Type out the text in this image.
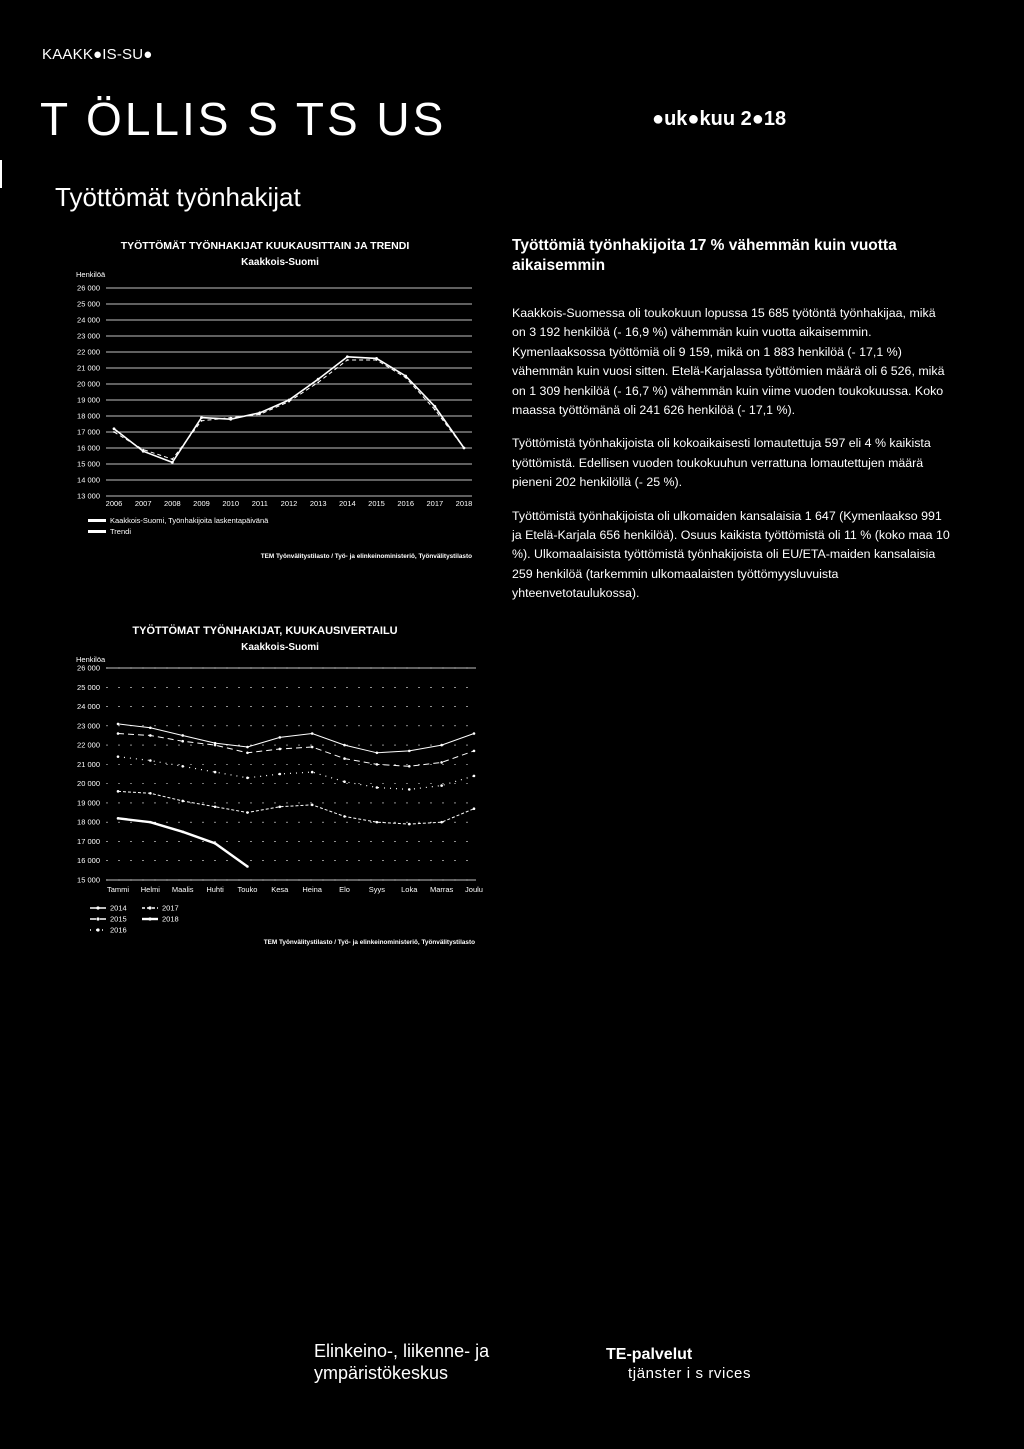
KAAKK●IS-SU●
T ÖLLIS S TS US	●uk●kuu 2●18
Työttömät työnhakijat
TYÖTTÖMÄT TYÖNHAKIJAT KUUKAUSITTAIN JA TRENDI
Kaakkois-Suomi
Henkilöä
26 000
25 000
24 000
23 000
22 000
21 000
20 000
19 000
18 000
17 000
16 000
15 000
14 000
13 000
2006 2007 2008 2009 2010 2011 2012 2013 2014 2015 2016 2017 2018
Kaakkois-Suomi, Työnhakijoita laskentapäivänä
Trendi
TEM Työnvälitystilasto / Työ- ja elinkeinoministeriö, Työnvälitystilasto
TYÖTTÖMAT TYÖNHAKIJAT, KUUKAUSIVERTAILU
Kaakkois-Suomi
Henkilöa
26 000
25 000
24 000
23 000
22 000
21 000
20 000
19 000
18 000
17 000
16 000
15 000
Tammi Helmi Maalis Huhti Touko Kesa Heina Elo	Syys Loka Marras Joulu
2014	2017
2015	2018
2016
TEM Työnvälitystilasto / Työ- ja elinkeinoministeriö, Työnvälitystilasto
Työttömiä työnhakijoita 17 % vähemmän kuin vuotta aikaisemmin

Kaakkois-Suomessa oli toukokuun lopussa 15 685 työtöntä työnhakijaa, mikä on 3 192 henkilöä (- 16,9 %) vähemmän kuin vuotta aikaisemmin. Kymenlaaksossa työttömiä oli 9 159, mikä on 1 883 henkilöä (- 17,1 %) vähemmän kuin vuosi sitten. Etelä-Karjalassa työttömien määrä oli 6 526, mikä on 1 309 henkilöä (- 16,7 %) vähemmän kuin viime vuoden toukokuussa. Koko maassa työttömänä oli 241 626 henkilöä (- 17,1 %).

Työttömistä työnhakijoista oli kokoaikaisesti lomautettuja 597 eli 4 % kaikista työttömistä. Edellisen vuoden toukokuuhun verrattuna lomautettujen määrä pieneni 202 henkilöllä (- 25 %).

Työttömistä työnhakijoista oli ulkomaiden kansalaisia 1 647 (Kymenlaakso 991 ja Etelä-Karjala 656 henkilöä). Osuus kaikista työttömistä oli 11 % (koko maa 10 %). Ulkomaalaisista työttömistä työnhakijoista oli EU/ETA-maiden kansalaisia 259 henkilöä (tarkemmin ulkomaalaisten työttömyysluvuista yhteenvetotaulukossa).

Elinkeino-, liikenne- ja
ympäristökeskus
TE-palvelut
tjänster i s rvices
